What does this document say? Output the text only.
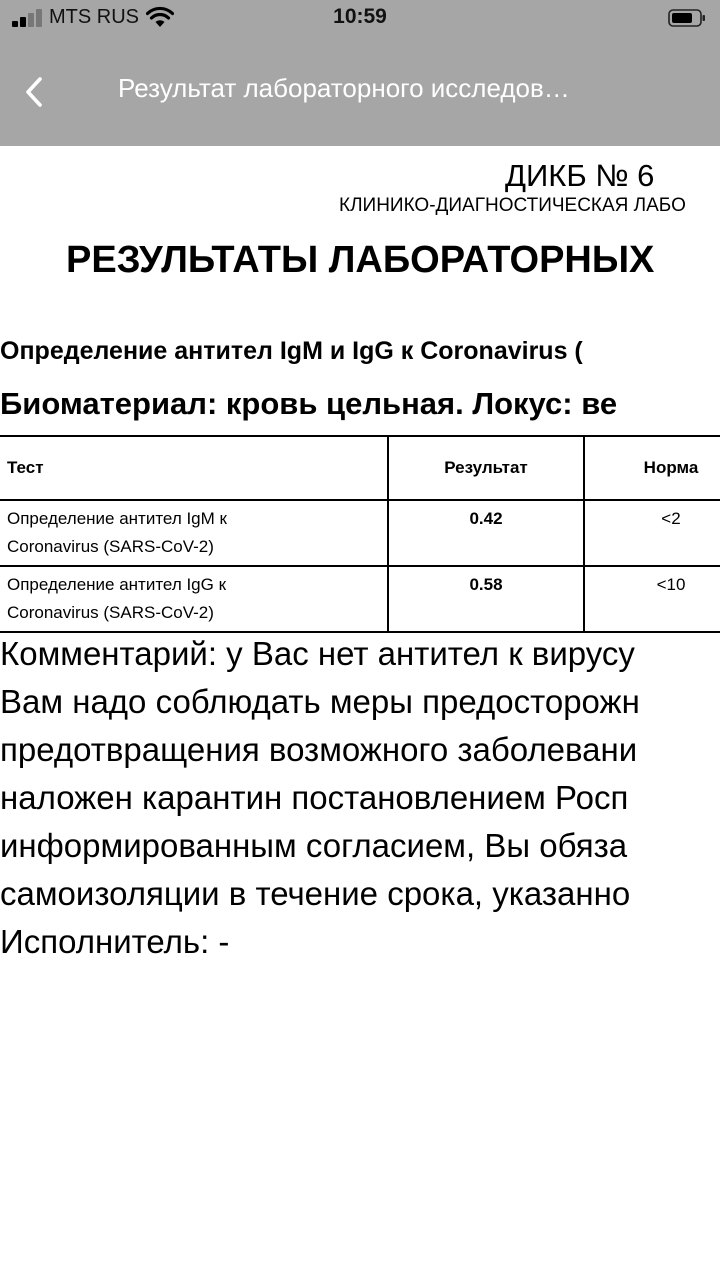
MTS RUS	10:59
Результат лабораторного исследов…
ДИКБ № 6
КЛИНИКО-ДИАГНОСТИЧЕСКАЯ ЛАБО
РЕЗУЛЬТАТЫ ЛАБОРАТОРНЫХ
Определение антител IgM и IgG к Coronavirus (
Биоматериал: кровь цельная. Локус: ве
Тест	Результат	Норма

Определение антител IgM к
Coronavirus (SARS-CoV-2)	0.42	<2

Определение антител IgG к
Coronavirus (SARS-CoV-2)	0.58	<10
Комментарий: у Вас нет антител к вирусу
Вам надо соблюдать меры предосторожн
предотвращения возможного заболевани
наложен карантин постановлением Росп
информированным согласием, Вы обяза
самоизоляции в течение срока, указанно
Исполнитель: -
